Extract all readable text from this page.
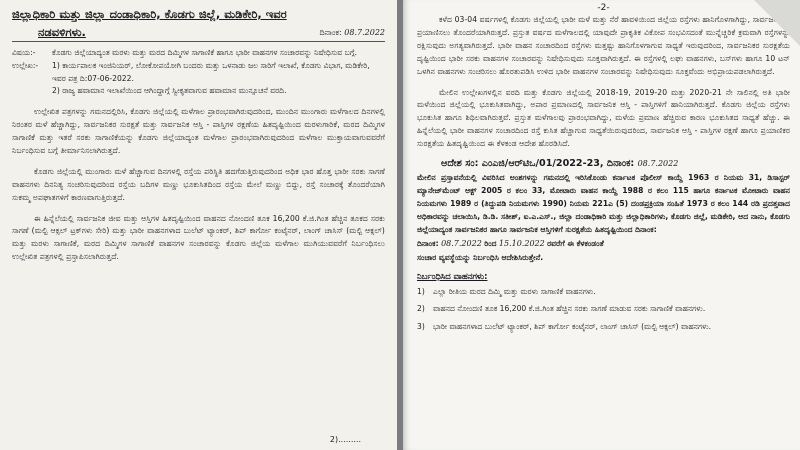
ಜಿಲ್ಲಾಧಿಕಾರಿ ಮತ್ತು ಜಿಲ್ಲಾ ದಂಡಾಧಿಕಾರಿ, ಕೊಡಗು ಜಿಲ್ಲೆ, ಮಡಿಕೇರಿ, ಇವರ

ನಡವಳಿಗಳು.	ದಿನಾಂಕ: 08.7.2022
ವಿಷಯ:- ಕೊಡಗು ಜಿಲ್ಲೆಯಾದ್ಯಂತ ಮರಳು ಮತ್ತು ಮರದ ದಿಮ್ಮಿಗಳ ಸಾಗಾಣಿಕೆ ಹಾಗೂ ಭಾರೀ ವಾಹನಗಳ ಸಂಚಾರವನ್ನು ನಿಷೇಧಿಸುವ ಬಗ್ಗೆ.
ಉಲ್ಲೇಖ:- 1) ಕಾರ್ಯಪಾಲಕ ಇಂಜಿನಿಯರ್, ಲೋಕೋಪಯೋಗಿ ಬಂದರು ಮತ್ತು ಒಳನಾಡು ಜಲ ಸಾರಿಗೆ ಇಲಾಖೆ, ಕೊಡಗು ವಿಭಾಗ, ಮಡಿಕೇರಿ, ಇವರ ಪತ್ರ ದಿ:07-06-2022.
2) ರಾಜ್ಯ ಹವಾಮಾನ ಇಲಾಖೆಯಿಂದ ಆಗಿಂದ್ದಾಗ್ಗೆ ಸ್ವೀಕೃತವಾಗುವ ಹವಾಮಾನ ಮುನ್ಸೂಚನೆ ವರದಿ.

ಉಲ್ಲೇಖಿತ ಪತ್ರಗಳನ್ನು ಗಮನದಲ್ಲಿರಿಸಿ, ಕೊಡಗು ಜಿಲ್ಲೆಯಲ್ಲಿ ಮಳೆಗಾಲ ಪ್ರಾರಂಭವಾಗಿರುವುದರಿಂದ, ಮುಂದಿನ ಮುಂಗಾರು ಮಳೆಗಾಲದ ದಿನಗಳಲ್ಲಿ ನಿರಂತರ ಮಳೆ ಹೆಚ್ಚಾಗಿದ್ದು, ಸಾರ್ವಜನಿಕರ ಸುರಕ್ಷತೆ ಮತ್ತು ಸಾರ್ವಜನಿಕ ಆಸ್ತಿ - ಪಾಸ್ತಿಗಳ ರಕ್ಷಣೆಯ ಹಿತದೃಷ್ಟಿಯಿಂದ ಮರಳುಗಾರಿಕೆ, ಮರದ ದಿಮ್ಮಿಗಳ ಸಾಗಾಣಿಕೆ ಮತ್ತು ಇತರೆ ಸರಕು ಸಾಗಾಣಿಕೆಯನ್ನು ಕೊಡಗು ಜಿಲ್ಲೆಯಾದ್ಯಂತ ಮಳೆಗಾಲ ಪ್ರಾರಂಭವಾಗಿರುವುದರಿಂದ ಮಳೆಗಾಲ ಮುಕ್ತಾಯವಾಗುವವರೆಗೆ ನಿರ್ಬಂಧಿಸುವ ಬಗ್ಗೆ ತೀರ್ಮಾನಿಸಲಾಗಿರುತ್ತದೆ.

ಕೊಡಗು ಜಿಲ್ಲೆಯಲ್ಲಿ ಮುಂಗಾರು ಮಳೆ ಹೆಚ್ಚಾಗುವ ದಿನಗಳಲ್ಲಿ ರಸ್ತೆಯ ಪರಿಸ್ಥಿತಿ ಹದಗೆಡುತ್ತಿರುವುದರಿಂದ ಅಧಿಕ ಭಾರ ಹೊತ್ತ ಭಾರೀ ಸರಕು ಸಾಗಣೆ ವಾಹನಗಳು ದಿನನಿತ್ಯ ಸಂಚರಿಸುವುದರಿಂದ ರಸ್ತೆಯ ಬದಿಗಳ ಮಣ್ಣು ಭೂಕುಸಿತದಿಂದ ರಸ್ತೆಯ ಮೇಲೆ ಮಣ್ಣು ಬಿದ್ದು, ರಸ್ತೆ ಸಂಚಾರಕ್ಕೆ ತೊಂದರೆಯಾಗಿ ಸುಕಮ್ಮ ಅಪಘಾತಗಳಿಗೆ ಕಾರಣವಾಗುತ್ತಿರುತ್ತದೆ.

ಈ ಹಿನ್ನೆಲೆಯಲ್ಲಿ ಸಾರ್ವಜನಿಕ ಜೀವ ಮತ್ತು ಆಸ್ತಿಗಳ ಹಿತದೃಷ್ಟಿಯಿಂದ ವಾಹನದ ನೋಂದಣಿ ತೂಕ 16,200 ಕೆ.ಜಿ.ಗಿಂತ ಹೆಚ್ಚಿನ ತೂಕದ ಸರಕು ಸಾಗಣೆ (ಮಲ್ಟಿ ಆಕ್ಸಲ್ ಟ್ರಕ್‌ಗಳು ಸೇರಿ) ಮತ್ತು ಭಾರೀ ವಾಹನಗಳಾದ ಬುಲೆಟ್ ಟ್ಯಾಂಕರ್, ಶಿಪ್ ಕಾರ್ಗೋ ಕಂಟೈನರ್, ಲಾಂಗ್ ಚಾಸಿಸ್ (ಮಲ್ಟಿ ಆಕ್ಸಲ್) ಮತ್ತು ಮರಳು ಸಾಗಾಣಿಕೆ, ಮರದ ದಿಮ್ಮಿಗಳ ಸಾಗಾಣಿಕೆ ವಾಹನಗಳ ಸಂಚಾರವನ್ನು ಕೊಡಗು ಜಿಲ್ಲೆಯ ಮಳೆಗಾಲ ಮುಗಿಯುವವರೆಗೆ ನಿರ್ಬಂಧಿಸಲು ಉಲ್ಲೇಖಿತ ಪತ್ರಗಳಲ್ಲಿ ಪ್ರಸ್ತಾಪಿಸಲಾಗಿರುತ್ತದೆ.

2).........
-2-

ಕಳೆದ 03-04 ವರ್ಷಗಳಲ್ಲಿ ಕೊಡಗು ಜಿಲ್ಲೆಯಲ್ಲಿ ಭಾರೀ ಮಳೆ ಮತ್ತು ನೆರೆ ಹಾವಳಿಯಿಂದ ಜಿಲ್ಲೆಯ ರಸ್ತೆಗಳು ಹಾನಿಗೊಳಗಾಗಿದ್ದು, ಸಾರ್ವಜನಿಕರಿಗೆ ಪ್ರಯಾಣಿಸಲು ತೊಂದರೆಯಾಗಿರುತ್ತದೆ. ಪ್ರಸ್ತುತ ವರ್ಷದ ಮಳೆಗಾಲದಲ್ಲಿ ಯಾವುದೇ ಪ್ರಾಕೃತಿಕ ವಿಕೋಪ ಸಂಭವಿಸದಂತೆ ಮುನ್ನೆಚ್ಚರಿಕೆ ಕ್ರಮವಾಗಿ ರಸ್ತೆಗಳನ್ನು ರಕ್ಷಿಸುವುದು ಅಗತ್ಯವಾಗಿರುತ್ತದೆ. ಭಾರೀ ವಾಹನ ಸಂಚಾರದಿಂದ ರಸ್ತೆಗಳು ಮತ್ತಷ್ಟು ಹಾನಿಗೊಳಗಾಗುವ ಸಾಧ್ಯತೆ ಇರುವುದರಿಂದ, ಸಾರ್ವಜನಿಕರ ಸುರಕ್ಷತೆಯ ದೃಷ್ಟಿಯಿಂದ ಭಾರೀ ಸರಕು ವಾಹನಗಳ ಸಂಚಾರವನ್ನು ನಿಷೇಧಿಸುವುದು ಸೂಕ್ತವಾಗಿರುತ್ತದೆ. ಈ ರಸ್ತೆಗಳಲ್ಲಿ ಲಘು ವಾಹನಗಳು, ಬಸ್‌ಗಳು ಹಾಗೂ 10 ಟನ್ ಒಳಗಿನ ವಾಹನಗಳು ಸಂಚರಿಸಲು ಹೊರತುಪಡಿಸಿ ಉಳಿದ ಭಾರೀ ವಾಹನಗಳ ಸಂಚಾರವನ್ನು ನಿಷೇಧಿಸುವುದು ಸೂಕ್ತವೆಂದು ಅಭಿಪ್ರಾಯಪಡಲಾಗಿರುತ್ತದೆ.

ಮೇಲಿನ ಉಲ್ಲೇಖಗಳಲ್ಲಿನ ವರದಿ ಮತ್ತು ಕೊಡಗು ಜಿಲ್ಲೆಯಲ್ಲಿ 2018-19, 2019-20 ಮತ್ತು 2020-21 ನೇ ಸಾಲಿನಲ್ಲಿ ಅತಿ ಭಾರೀ ಮಳೆಯಿಂದ ಜಿಲ್ಲೆಯಲ್ಲಿ ಭೂಕುಸಿತವಾಗಿದ್ದು, ಅಪಾರ ಪ್ರಮಾಣದಲ್ಲಿ ಸಾರ್ವಜನಿಕ ಆಸ್ತಿ - ಪಾಸ್ತಿಗಳಿಗೆ ಹಾನಿಯಾಗಿರುತ್ತದೆ. ಕೊಡಗು ಜಿಲ್ಲೆಯ ರಸ್ತೆಗಳು ಭೂಕುಸಿತ ಹಾಗೂ ಶಿಥಿಲವಾಗಿರುತ್ತವೆ. ಪ್ರಸ್ತುತ ಮಳೆಗಾಲವು ಪ್ರಾರಂಭವಾಗಿದ್ದು, ಮಳೆಯ ಪ್ರಮಾಣ ಹೆಚ್ಚಿರುವ ಕಾರಣ ಭೂಕುಸಿತದ ಸಾಧ್ಯತೆ ಹೆಚ್ಚು. ಈ ಹಿನ್ನೆಲೆಯಲ್ಲಿ ಭಾರೀ ವಾಹನಗಳ ಸಂಚಾರದಿಂದ ರಸ್ತೆ ಕುಸಿತ ಹೆಚ್ಚಾಗುವ ಸಾಧ್ಯತೆಯಿರುವುದರಿಂದ, ಸಾರ್ವಜನಿಕ ಆಸ್ತಿ - ಪಾಸ್ತಿಗಳ ರಕ್ಷಣೆ ಹಾಗೂ ಪ್ರಯಾಣಿಕರ ಸುರಕ್ಷತೆಯ ಹಿತದೃಷ್ಟಿಯಿಂದ ಈ ಕೆಳಕಂಡ ಆದೇಶ ಹೊರಡಿಸಿದೆ.

ಆದೇಶ ಸಂ: ಎಂಎಜಿ/ಆರ್‌ಟಿಒ/01/2022-23, ದಿನಾಂಕ: 08.7.2022

ಮೇಲಿನ ಪ್ರಸ್ತಾವನೆಯಲ್ಲಿ ವಿವರಿಸಿದ ಅಂಶಗಳನ್ನು ಗಮನದಲ್ಲಿ ಇರಿಸಿಕೊಂಡು ಕರ್ನಾಟಕ ಪೊಲೀಸ್ ಕಾಯ್ದೆ 1963 ರ ನಿಯಮ 31, ಡಿಸಾಸ್ಟರ್ ಮ್ಯಾನೇಜ್‌ಮೆಂಟ್ ಆಕ್ಟ್ 2005 ರ ಕಲಂ 33, ಮೋಟಾರು ವಾಹನ ಕಾಯ್ದೆ 1988 ರ ಕಲಂ 115 ಹಾಗೂ ಕರ್ನಾಟಕ ಮೋಟಾರು ವಾಹನ ನಿಯಮಗಳು 1989 ರ (ತಿದ್ದುಪಡಿ ನಿಯಮಗಳು 1990) ನಿಯಮ 221ಎ (5) ದಂಡಪ್ರಕ್ರಿಯಾ ಸಂಹಿತೆ 1973 ರ ಕಲಂ 144 ರಡಿ ಪ್ರದತ್ತವಾದ ಅಧಿಕಾರವನ್ನು ಚಲಾಯಿಸಿ, ಡಿ.ಡಿ. ಸತೀಶ್, ಐ.ಎ.ಎಸ್., ಜಿಲ್ಲಾ ದಂಡಾಧಿಕಾರಿ ಮತ್ತು ಜಿಲ್ಲಾಧಿಕಾರಿಗಳು, ಕೊಡಗು ಜಿಲ್ಲೆ, ಮಡಿಕೇರಿ, ಆದ ನಾನು, ಕೊಡಗು ಜಿಲ್ಲೆಯಾದ್ಯಂತ ಸಾರ್ವಜನಿಕರ ಹಾಗೂ ಸಾರ್ವಜನಿಕ ಆಸ್ತಿಗಳಿಗೆ ಸುರಕ್ಷತೆಯ ಹಿತದೃಷ್ಟಿಯಿಂದ ದಿನಾಂಕ:

ದಿನಾಂಕ: 08.7.2022 ರಿಂದ 15.10.2022 ರವರೆಗೆ ಈ ಕೆಳಕಂಡಂತೆ
ಸಂಚಾರ ವ್ಯವಸ್ಥೆಯನ್ನು ನಿರ್ಬಂಧಿಸಿ ಆದೇಶಿಸಿರುತ್ತೇನೆ.
ನಿರ್ಬಂಧಿಸಿದ ವಾಹನಗಳು:
1) ಎಲ್ಲಾ ರೀತಿಯ ಮರದ ದಿಮ್ಮಿ ಮತ್ತು ಮರಳು ಸಾಗಾಣಿಕೆ ವಾಹನಗಳು.
2) ವಾಹನದ ನೋಂದಣಿ ತೂಕ 16,200 ಕೆ.ಜಿ.ಗಿಂತ ಹೆಚ್ಚಿನ ಸರಕು ಸಾಗಣೆ ಮಾಡುವ ಸರಕು ಸಾಗಾಣಿಕೆ ವಾಹನಗಳು.
3) ಭಾರೀ ವಾಹನಗಳಾದ ಬುಲೆಟ್ ಟ್ಯಾಂಕರ್, ಶಿಪ್ ಕಾರ್ಗೋ ಕಂಟೈನರ್, ಲಾಂಗ್ ಚಾಸಿಸ್ (ಮಲ್ಟಿ ಆಕ್ಸಲ್) ವಾಹನಗಳು.
